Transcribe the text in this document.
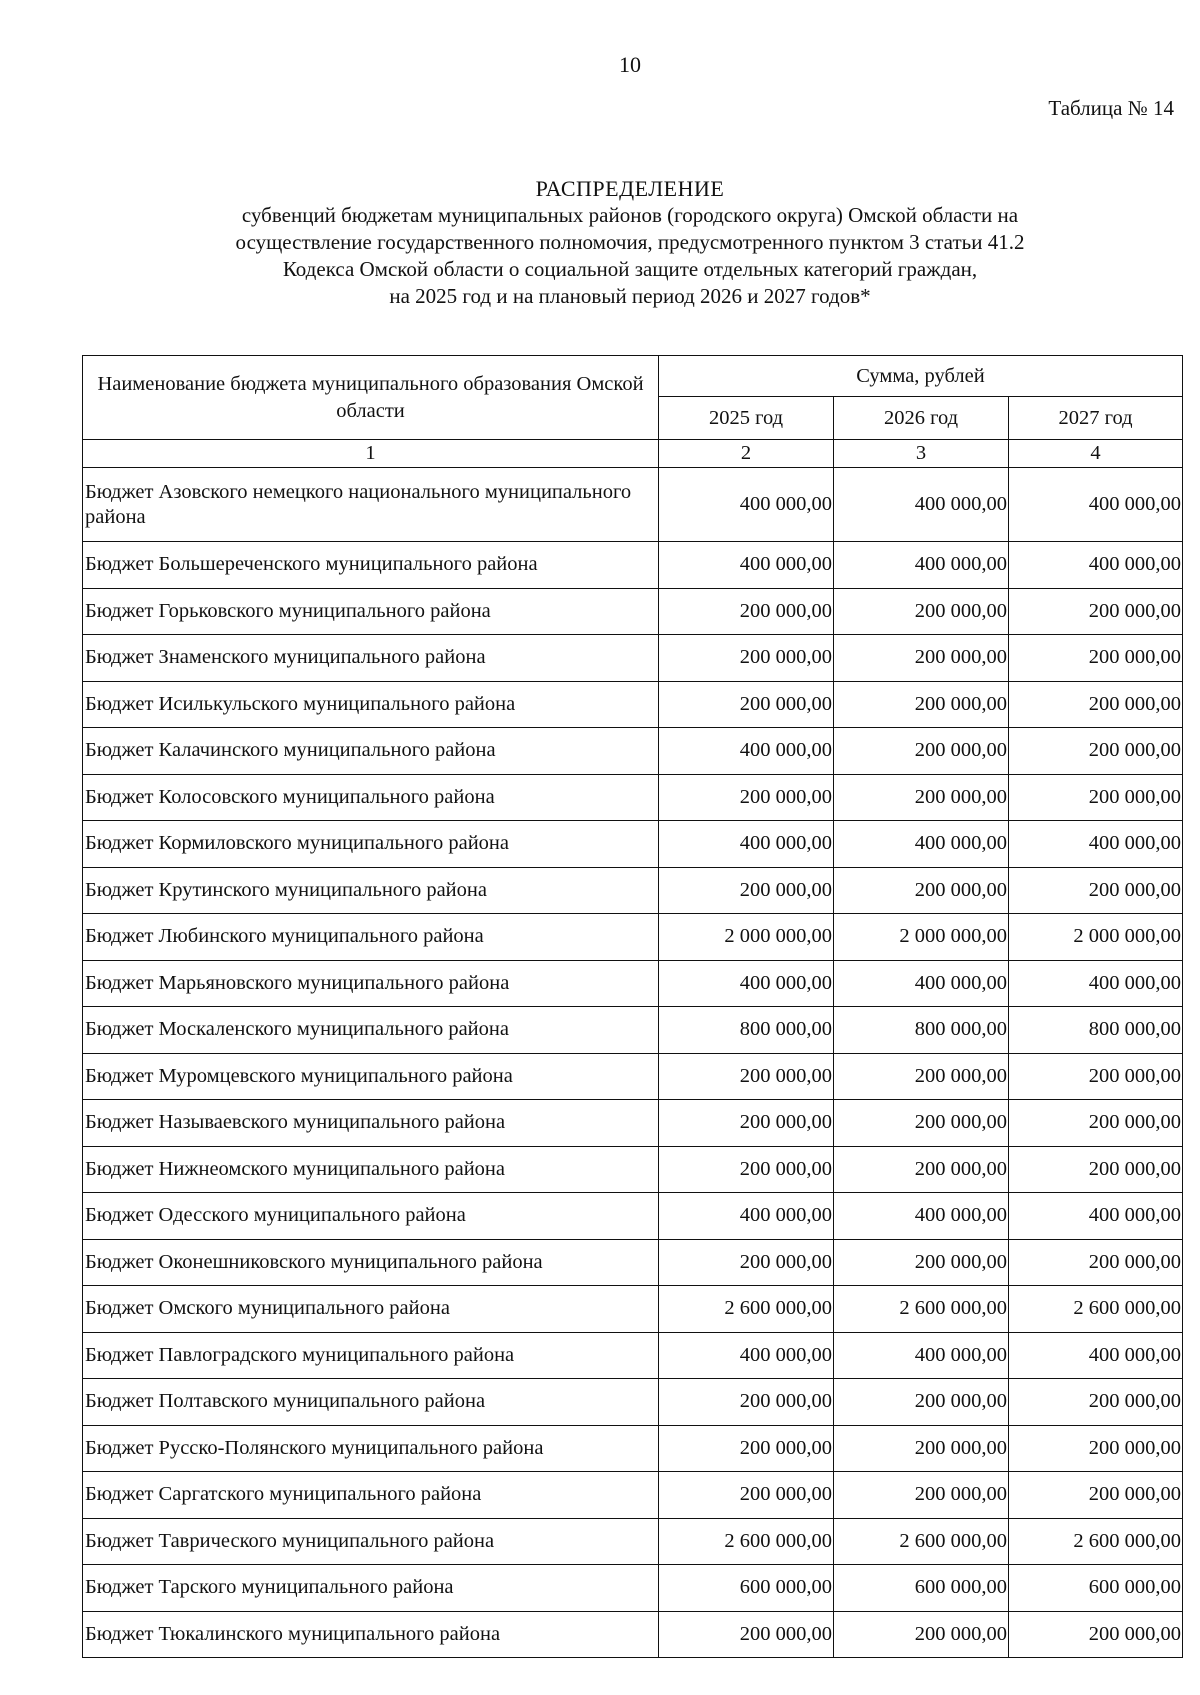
10
Таблица № 14
РАСПРЕДЕЛЕНИЕ
субвенций бюджетам муниципальных районов (городского округа) Омской области на
осуществление государственного полномочия, предусмотренного пунктом 3 статьи 41.2
Кодекса Омской области о социальной защите отдельных категорий граждан,
на 2025 год и на плановый период 2026 и 2027 годов*
Наименование бюджета муниципального образования Омской области	Сумма, рублей		
	2025 год	2026 год	2027 год
1	2	3	4
Бюджет Азовского немецкого национального муниципального района	400 000,00	400 000,00	400 000,00
Бюджет Большереченского муниципального района	400 000,00	400 000,00	400 000,00
Бюджет Горьковского муниципального района	200 000,00	200 000,00	200 000,00
Бюджет Знаменского муниципального района	200 000,00	200 000,00	200 000,00
Бюджет Исилькульского муниципального района	200 000,00	200 000,00	200 000,00
Бюджет Калачинского муниципального района	400 000,00	200 000,00	200 000,00
Бюджет Колосовского муниципального района	200 000,00	200 000,00	200 000,00
Бюджет Кормиловского муниципального района	400 000,00	400 000,00	400 000,00
Бюджет Крутинского муниципального района	200 000,00	200 000,00	200 000,00
Бюджет Любинского муниципального района	2 000 000,00	2 000 000,00	2 000 000,00
Бюджет Марьяновского муниципального района	400 000,00	400 000,00	400 000,00
Бюджет Москаленского муниципального района	800 000,00	800 000,00	800 000,00
Бюджет Муромцевского муниципального района	200 000,00	200 000,00	200 000,00
Бюджет Называевского муниципального района	200 000,00	200 000,00	200 000,00
Бюджет Нижнеомского муниципального района	200 000,00	200 000,00	200 000,00
Бюджет Одесского муниципального района	400 000,00	400 000,00	400 000,00
Бюджет Оконешниковского муниципального района	200 000,00	200 000,00	200 000,00
Бюджет Омского муниципального района	2 600 000,00	2 600 000,00	2 600 000,00
Бюджет Павлоградского муниципального района	400 000,00	400 000,00	400 000,00
Бюджет Полтавского муниципального района	200 000,00	200 000,00	200 000,00
Бюджет Русско-Полянского муниципального района	200 000,00	200 000,00	200 000,00
Бюджет Саргатского муниципального района	200 000,00	200 000,00	200 000,00
Бюджет Таврического муниципального района	2 600 000,00	2 600 000,00	2 600 000,00
Бюджет Тарского муниципального района	600 000,00	600 000,00	600 000,00
Бюджет Тюкалинского муниципального района	200 000,00	200 000,00	200 000,00
